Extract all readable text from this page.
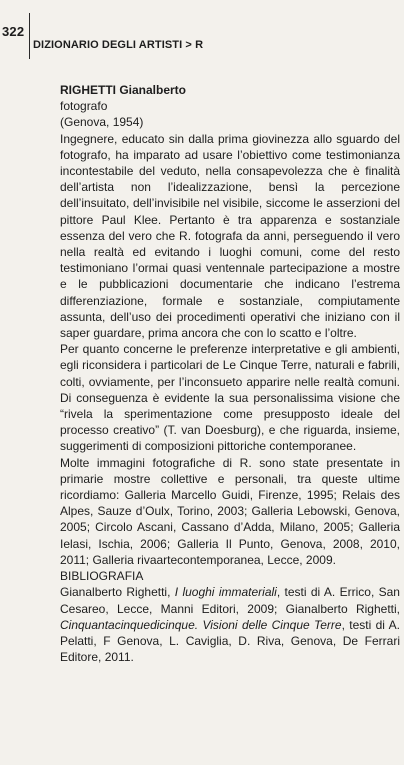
322
DIZIONARIO DEGLI ARTISTI > R

RIGHETTI Gianalberto

fotografo

(Genova, 1954)

Ingegnere, educato sin dalla prima giovinezza allo sguardo del fotografo, ha imparato ad usare l’obiettivo come testimonianza incontestabile del veduto, nella consapevolezza che è finalità dell’artista non l’idealizzazione, bensì la percezione dell’insuitato, dell’invisibile nel visibile, siccome le asserzioni del pittore Paul Klee. Pertanto è tra apparenza e sostanziale essenza del vero che R. fotografa da anni, perseguendo il vero nella realtà ed evitando i luoghi comuni, come del resto testimoniano l’ormai quasi ventennale partecipazione a mostre e le pubblicazioni documentarie che indicano l’estrema differenziazione, formale e sostanziale, compiutamente assunta, dell’uso dei procedimenti operativi che iniziano con il saper guardare, prima ancora che con lo scatto e l’oltre.

Per quanto concerne le preferenze interpretative e gli ambienti, egli riconsidera i particolari de Le Cinque Terre, naturali e fabrili, colti, ovviamente, per l’inconsueto apparire nelle realtà comuni. Di conseguenza è evidente la sua personalissima visione che “rivela la sperimentazione come presupposto ideale del processo creativo” (T. van Doesburg), e che riguarda, insieme, suggerimenti di composizioni pittoriche contemporanee.

Molte immagini fotografiche di R. sono state presentate in primarie mostre collettive e personali, tra queste ultime ricordiamo: Galleria Marcello Guidi, Firenze, 1995; Relais des Alpes, Sauze d’Oulx, Torino, 2003; Galleria Lebowski, Genova, 2005; Circolo Ascani, Cassano d’Adda, Milano, 2005; Galleria Ielasi, Ischia, 2006; Galleria Il Punto, Genova, 2008, 2010, 2011; Galleria rivaartecontemporanea, Lecce, 2009.

BIBLIOGRAFIA

Gianalberto Righetti, I luoghi immateriali, testi di A. Errico, San Cesareo, Lecce, Manni Editori, 2009; Gianalberto Righetti, Cinquantacinquedicinque. Visioni delle Cinque Terre, testi di A. Pelatti, F Genova, L. Caviglia, D. Riva, Genova, De Ferrari Editore, 2011.
